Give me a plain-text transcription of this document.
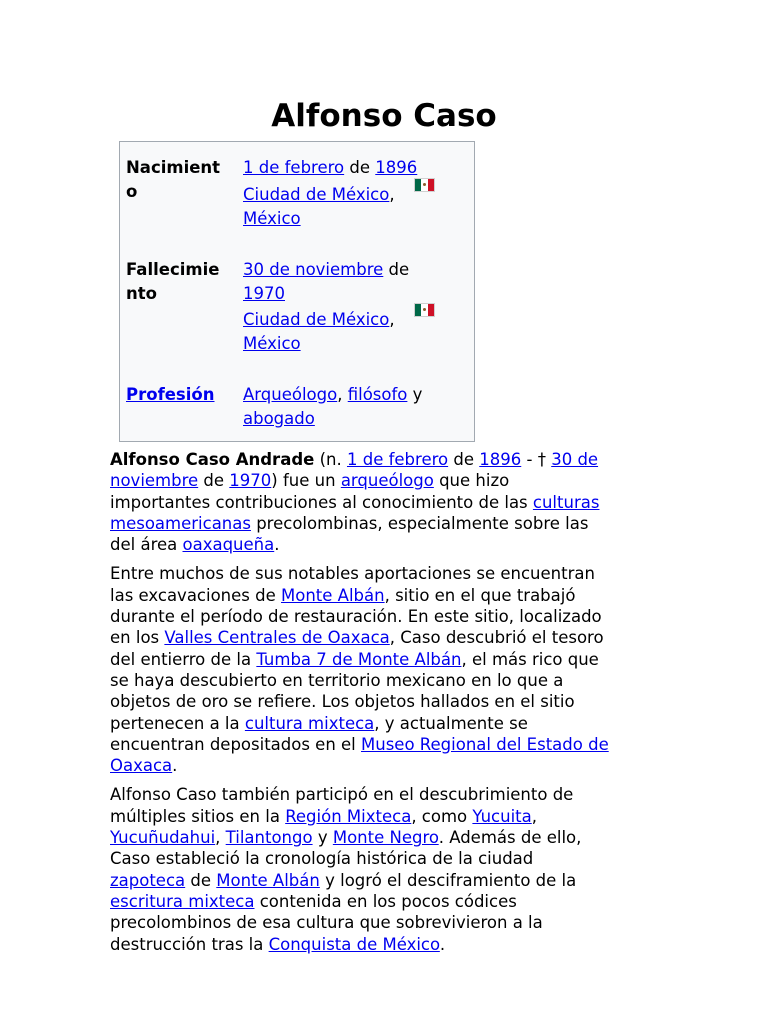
Alfonso Caso
Nacimient
o
1 de febrero de 1896
Ciudad de México,
México
Fallecimie
nto
30 de noviembre de
1970
Ciudad de México,
México
Profesión	Arqueólogo, filósofo y
abogado

Alfonso Caso Andrade (n. 1 de febrero de 1896 - † 30 de
noviembre de 1970) fue un arqueólogo que hizo
importantes contribuciones al conocimiento de las culturas
mesoamericanas precolombinas, especialmente sobre las
del área oaxaqueña.

Entre muchos de sus notables aportaciones se encuentran
las excavaciones de Monte Albán, sitio en el que trabajó
durante el período de restauración. En este sitio, localizado
en los Valles Centrales de Oaxaca, Caso descubrió el tesoro
del entierro de la Tumba 7 de Monte Albán, el más rico que
se haya descubierto en territorio mexicano en lo que a
objetos de oro se refiere. Los objetos hallados en el sitio
pertenecen a la cultura mixteca, y actualmente se
encuentran depositados en el Museo Regional del Estado de
Oaxaca.

Alfonso Caso también participó en el descubrimiento de
múltiples sitios en la Región Mixteca, como Yucuita,
Yucuñudahui, Tilantongo y Monte Negro. Además de ello,
Caso estableció la cronología histórica de la ciudad
zapoteca de Monte Albán y logró el desciframiento de la
escritura mixteca contenida en los pocos códices
precolombinos de esa cultura que sobrevivieron a la
destrucción tras la Conquista de México.
